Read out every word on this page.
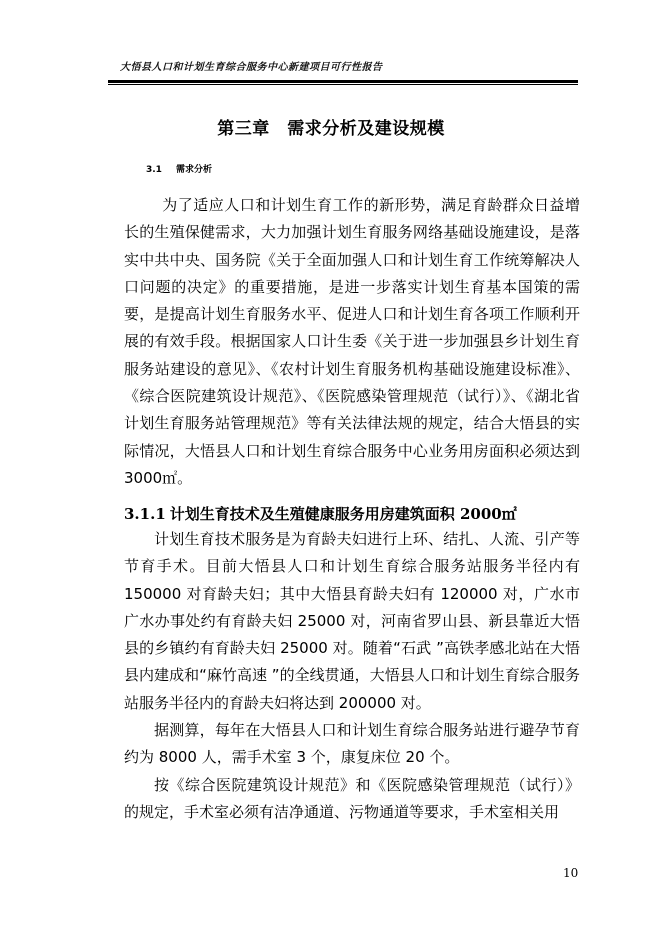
大悟县人口和计划生育综合服务中心新建项目可行性报告
第三章　需求分析及建设规模
3.1 需求分析

为了适应人口和计划生育工作的新形势，满足育龄群众日益增长的生殖保健需求，大力加强计划生育服务网络基础设施建设，是落实中共中央、国务院《关于全面加强人口和计划生育工作统筹解决人口问题的决定》的重要措施，是进一步落实计划生育基本国策的需要，是提高计划生育服务水平、促进人口和计划生育各项工作顺利开展的有效手段。根据国家人口计生委《关于进一步加强县乡计划生育服务站建设的意见》、《农村计划生育服务机构基础设施建设标准》、《综合医院建筑设计规范》、《医院感染管理规范（试行）》、《湖北省计划生育服务站管理规范》等有关法律法规的规定，结合大悟县的实际情况，大悟县人口和计划生育综合服务中心业务用房面积必须达到 3000㎡。

3.1.1 计划生育技术及生殖健康服务用房建筑面积 2000㎡

计划生育技术服务是为育龄夫妇进行上环、结扎、人流、引产等节育手术。目前大悟县人口和计划生育综合服务站服务半径内有150000 对育龄夫妇；其中大悟县育龄夫妇有 120000 对，广水市广水办事处约有育龄夫妇 25000 对，河南省罗山县、新县靠近大悟县的乡镇约有育龄夫妇 25000 对。随着“石武 ”高铁孝感北站在大悟县内建成和“麻竹高速 ”的全线贯通，大悟县人口和计划生育综合服务站服务半径内的育龄夫妇将达到 200000 对。

据测算，每年在大悟县人口和计划生育综合服务站进行避孕节育约为 8000 人，需手术室 3 个，康复床位 20 个。

按《综合医院建筑设计规范》和《医院感染管理规范（试行）》的规定，手术室必须有洁净通道、污物通道等要求，手术室相关用

10
